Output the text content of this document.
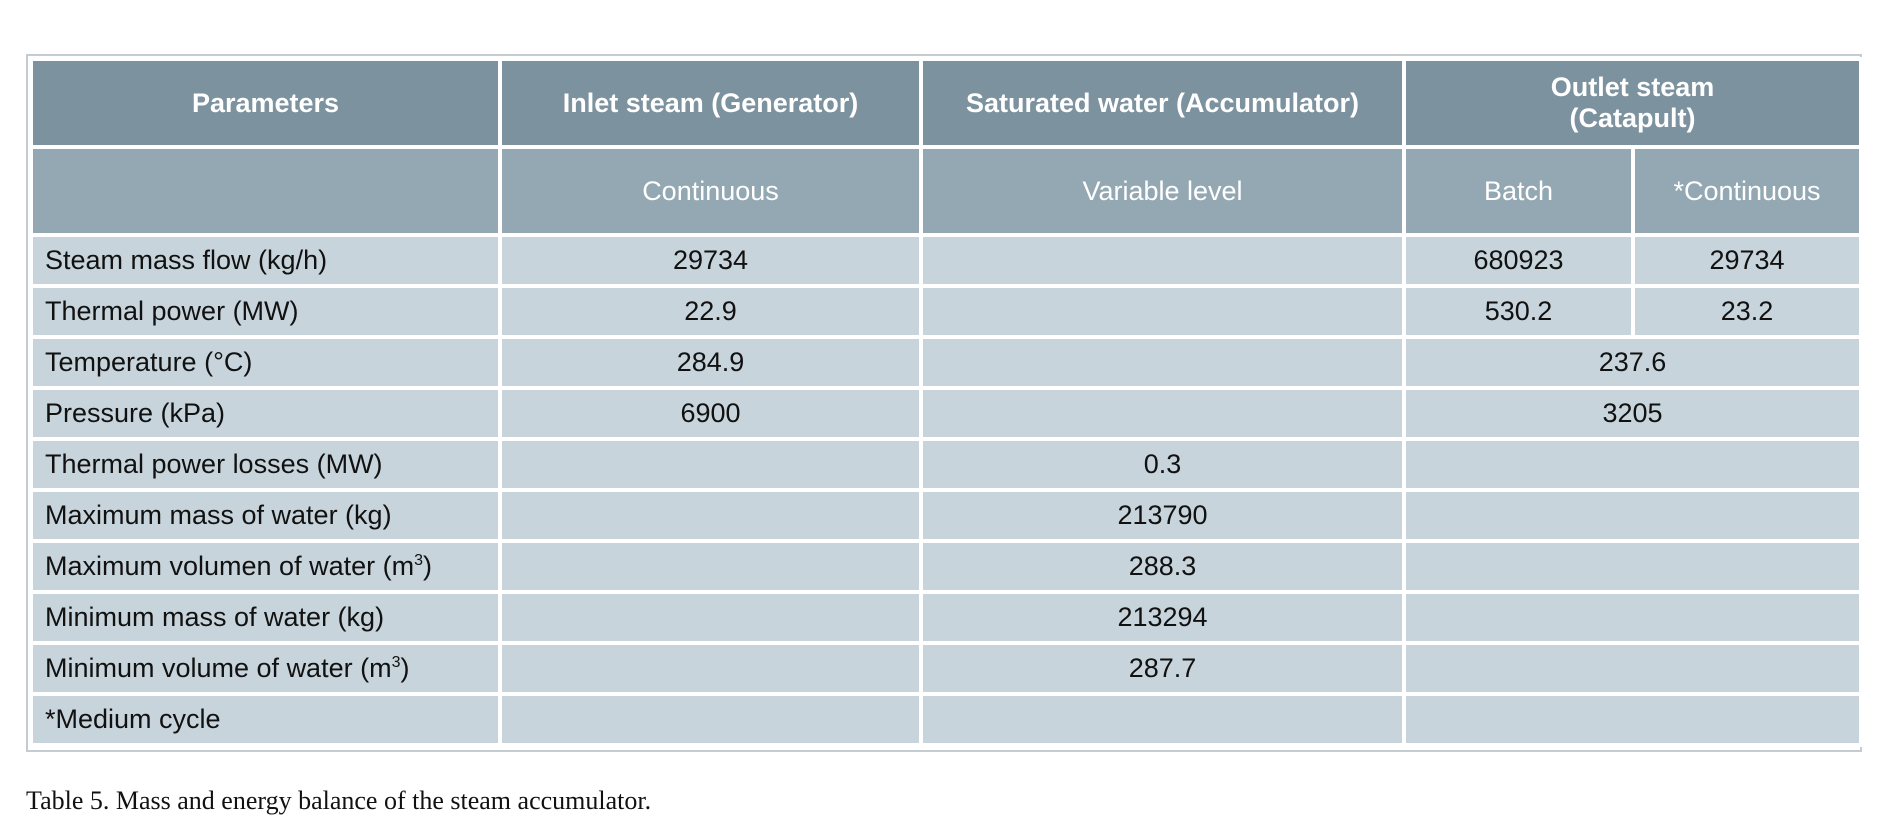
Parameters	Inlet steam (Generator)	Saturated water (Accumulator)	Outlet steam
(Catapult)	
	Continuous	Variable level	Batch	*Continuous
Steam mass flow (kg/h)	29734		680923	29734
Thermal power (MW)	22.9		530.2	23.2
Temperature (°C)	284.9		237.6	
Pressure (kPa)	6900		3205	
Thermal power losses (MW)		0.3		
Maximum mass of water (kg)		213790		
Maximum volumen of water $(m^3)$		288.3		
Minimum mass of water (kg)		213294		
Minimum volume of water $(m^3)$		287.7		
*Medium cycle				
Table 5. Mass and energy balance of the steam accumulator.
